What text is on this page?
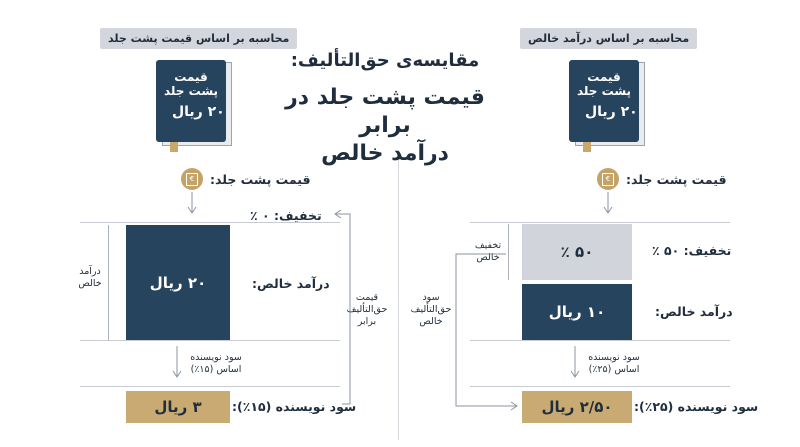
محاسبه بر اساس قیمت پشت جلد
قیمت
پشت جلد
۲۰ ریال
€	قیمت پشت جلد:
تخفیف: ۰ ٪
۲۰ ریال	درآمد خالص:
درآمد
خالص
سود نویسنده
اساس (۱۵٪)
۳ ریال	سود نویسنده (۱۵٪):
قیمت
حق‌التألیف
برابر
مقایسه‌ی حق‌التألیف:
قیمت پشت جلد در برابر
درآمد خالص
محاسبه بر اساس درآمد خالص
قیمت
پشت جلد
۲۰ ریال
€	قیمت پشت جلد:
۵۰ ٪	تخفیف: ۵۰ ٪
تخفیف
خالص
۱۰ ریال	درآمد خالص:
سود نویسنده
اساس (۲۵٪)
۲/۵۰ ریال	سود نویسنده (۲۵٪):
سود
حق‌التألیف
خالص
